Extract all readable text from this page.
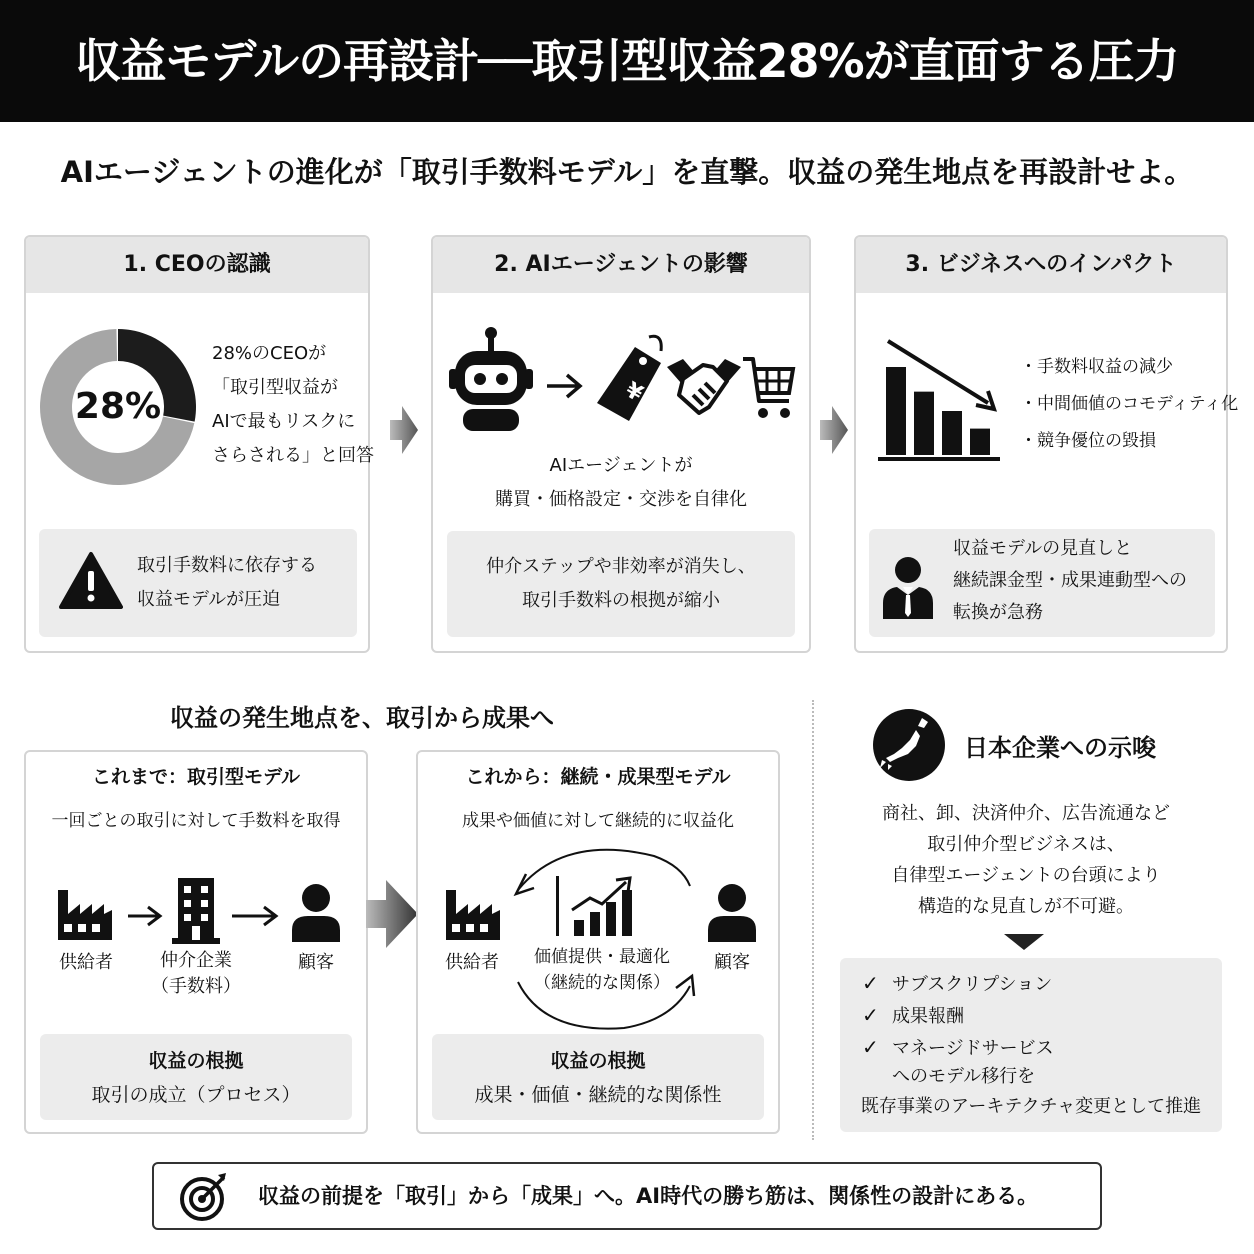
収益モデルの再設計──取引型収益28%が直面する圧力
AIエージェントの進化が「取引手数料モデル」を直撃。収益の発生地点を再設計せよ。
1. CEOの認識
28%
28%のCEOが
「取引型収益が
AIで最もリスクに
さらされる」と回答
取引手数料に依存する
収益モデルが圧迫
2. AIエージェントの影響
¥
AIエージェントが
購買・価格設定・交渉を自律化
仲介ステップや非効率が消失し、
取引手数料の根拠が縮小
3. ビジネスへのインパクト
・ 手数料収益の減少
・ 中間価値のコモディティ化
・ 競争優位の毀損
収益モデルの見直しと
継続課金型・成果連動型への
転換が急務
収益の発生地点を、取引から成果へ
これまで：取引型モデル
一回ごとの取引に対して手数料を取得
供給者	仲介企業
（手数料）
顧客
収益の根拠
取引の成立（プロセス）
これから：継続・成果型モデル
成果や価値に対して継続的に収益化
供給者	価値提供・最適化
（継続的な関係）
顧客
収益の根拠
成果・価値・継続的な関係性
日本企業への示唆
商社、卸、決済仲介、広告流通など
取引仲介型ビジネスは、
自律型エージェントの台頭により
構造的な見直しが不可避。
✓ サブスクリプション
✓ 成果報酬
✓ マネージドサービス
へのモデル移行を
既存事業のアーキテクチャ変更として推進
収益の前提を「取引」から「成果」へ。AI時代の勝ち筋は、関係性の設計にある。
